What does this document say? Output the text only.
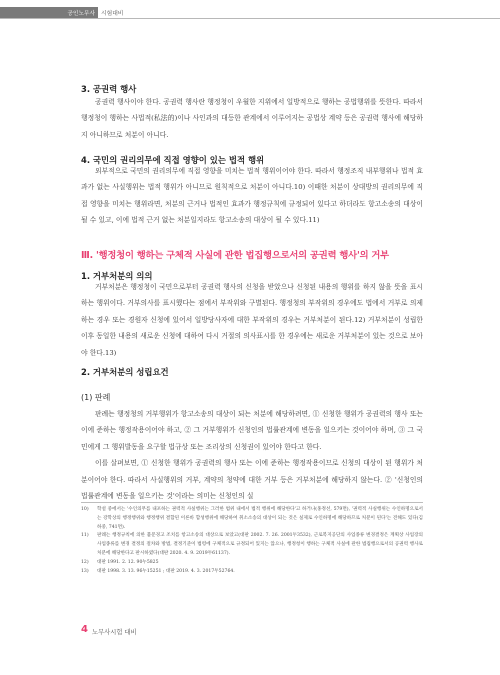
공인노무사 시험대비
3. 공권력 행사

공권력 행사이야 한다. 공권력 행사란 행정청이 우월한 지위에서 일방적으로 행하는 공법행위를 뜻한다. 따라서 행정청이 행하는 사법적(私法的)이나 사인과의 대등한 관계에서 이루어지는 공법상 계약 등은 공권력 행사에 해당하지 아니하므로 처분이 아니다.

4. 국민의 권리의무에 직접 영향이 있는 법적 행위

외부적으로 국민의 권리의무에 직접 영향을 미치는 법적 행위이어야 한다. 따라서 행정조직 내부행위나 법적 효과가 없는 사실행위는 법적 행위가 아니므로 원칙적으로 처분이 아니다.10) 이때한 처분이 상대방의 권리의무에 직접 영향을 미치는 행위라면, 처분의 근거나 법적인 효과가 행정규칙에 규정되어 있다고 하더라도 항고소송의 대상이 될 수 있고, 이에 법적 근거 없는 처분일지라도 항고소송의 대상이 될 수 있다.11)

Ⅲ. '행정청이 행하는 구체적 사실에 관한 법집행으로서의 공권력 행사'의 거부
1. 거부처분의 의의

거부처분은 행정청이 국민으로부터 공권력 행사의 신청을 받았으나 신청된 내용의 행위를 하지 않을 뜻을 표시하는 행위이다. 거부의사를 표시했다는 점에서 부작위와 구별된다. 행정청의 부작위의 경우에도 법에서 거부로 의제하는 경우 또는 경원자 신청에 있어서 일방당사자에 대한 부작위의 경우는 거부처분이 된다.12) 거부처분이 성립한 이후 동일한 내용의 새로운 신청에 대하여 다시 거절의 의사표시를 한 경우에는 새로운 거부처분이 있는 것으로 보아야 한다.13)

2. 거부처분의 성립요건
(1) 판례

판례는 행정청의 거부행위가 항고소송의 대상이 되는 처분에 해당하려면, ① 신청한 행위가 공권력의 행사 또는 이에 준하는 행정작용이어야 하고, ② 그 거부행위가 신청인의 법률관계에 변동을 일으키는 것이어야 하며, ③ 그 국민에게 그 행위발동을 요구할 법규상 또는 조리상의 신청권이 있어야 한다고 한다.

이를 살펴보면, ① 신청한 행위가 공권력의 행사 또는 이에 준하는 행정작용이므로 신청의 대상이 된 행위가 처분이어야 한다. 따라서 사실행위의 거부, 계약의 청약에 대한 거부 등은 거부처분에 해당하지 않는다. ② '신청인의 법률관계에 변동을 일으키는 것'이라는 의미는 신청인의 실

10)	학설 중에서는 '수인의무를 내포하는 권력적 사실행위는 그러한 범위 내에서 법적 행위에 해당한다'고 하거나(홍정선, 579면), '권력적 사실행위는 수인하명으로서는 강학상의 행정행위와 행정행위 결합된 이른바 합성행위에 해당하여 취소소송의 대상이 되는 것은 실제로 수인하명에 해당하므로 처분이 된다'는 견해도 있다(김하중, 741면).
11)	판례는 행정규칙에 의한 불문경고 조치를 항고소송의 대상으로 보았고(대판 2002. 7. 26. 2001두3532), 근로복지공단의 사업종류 변경결정은 계획상 사업장의 사업종류를 변경 결정의 절차와 방법, 결정기준이 법령에 구체적으로 규정되어 있지는 않으나, 행정청이 행하는 구체적 사실에 관한 법집행으로서의 공권력 행사로 처분에 해당한다고 판시하였다(대판 2020. 4. 9. 2019두61137).
12)	대판 1991. 2. 12. 90누5825
13)	대판 1998. 3. 13. 96누15251 ; 대판 2019. 4. 3. 2017두52764.
4 노무사시험 대비
